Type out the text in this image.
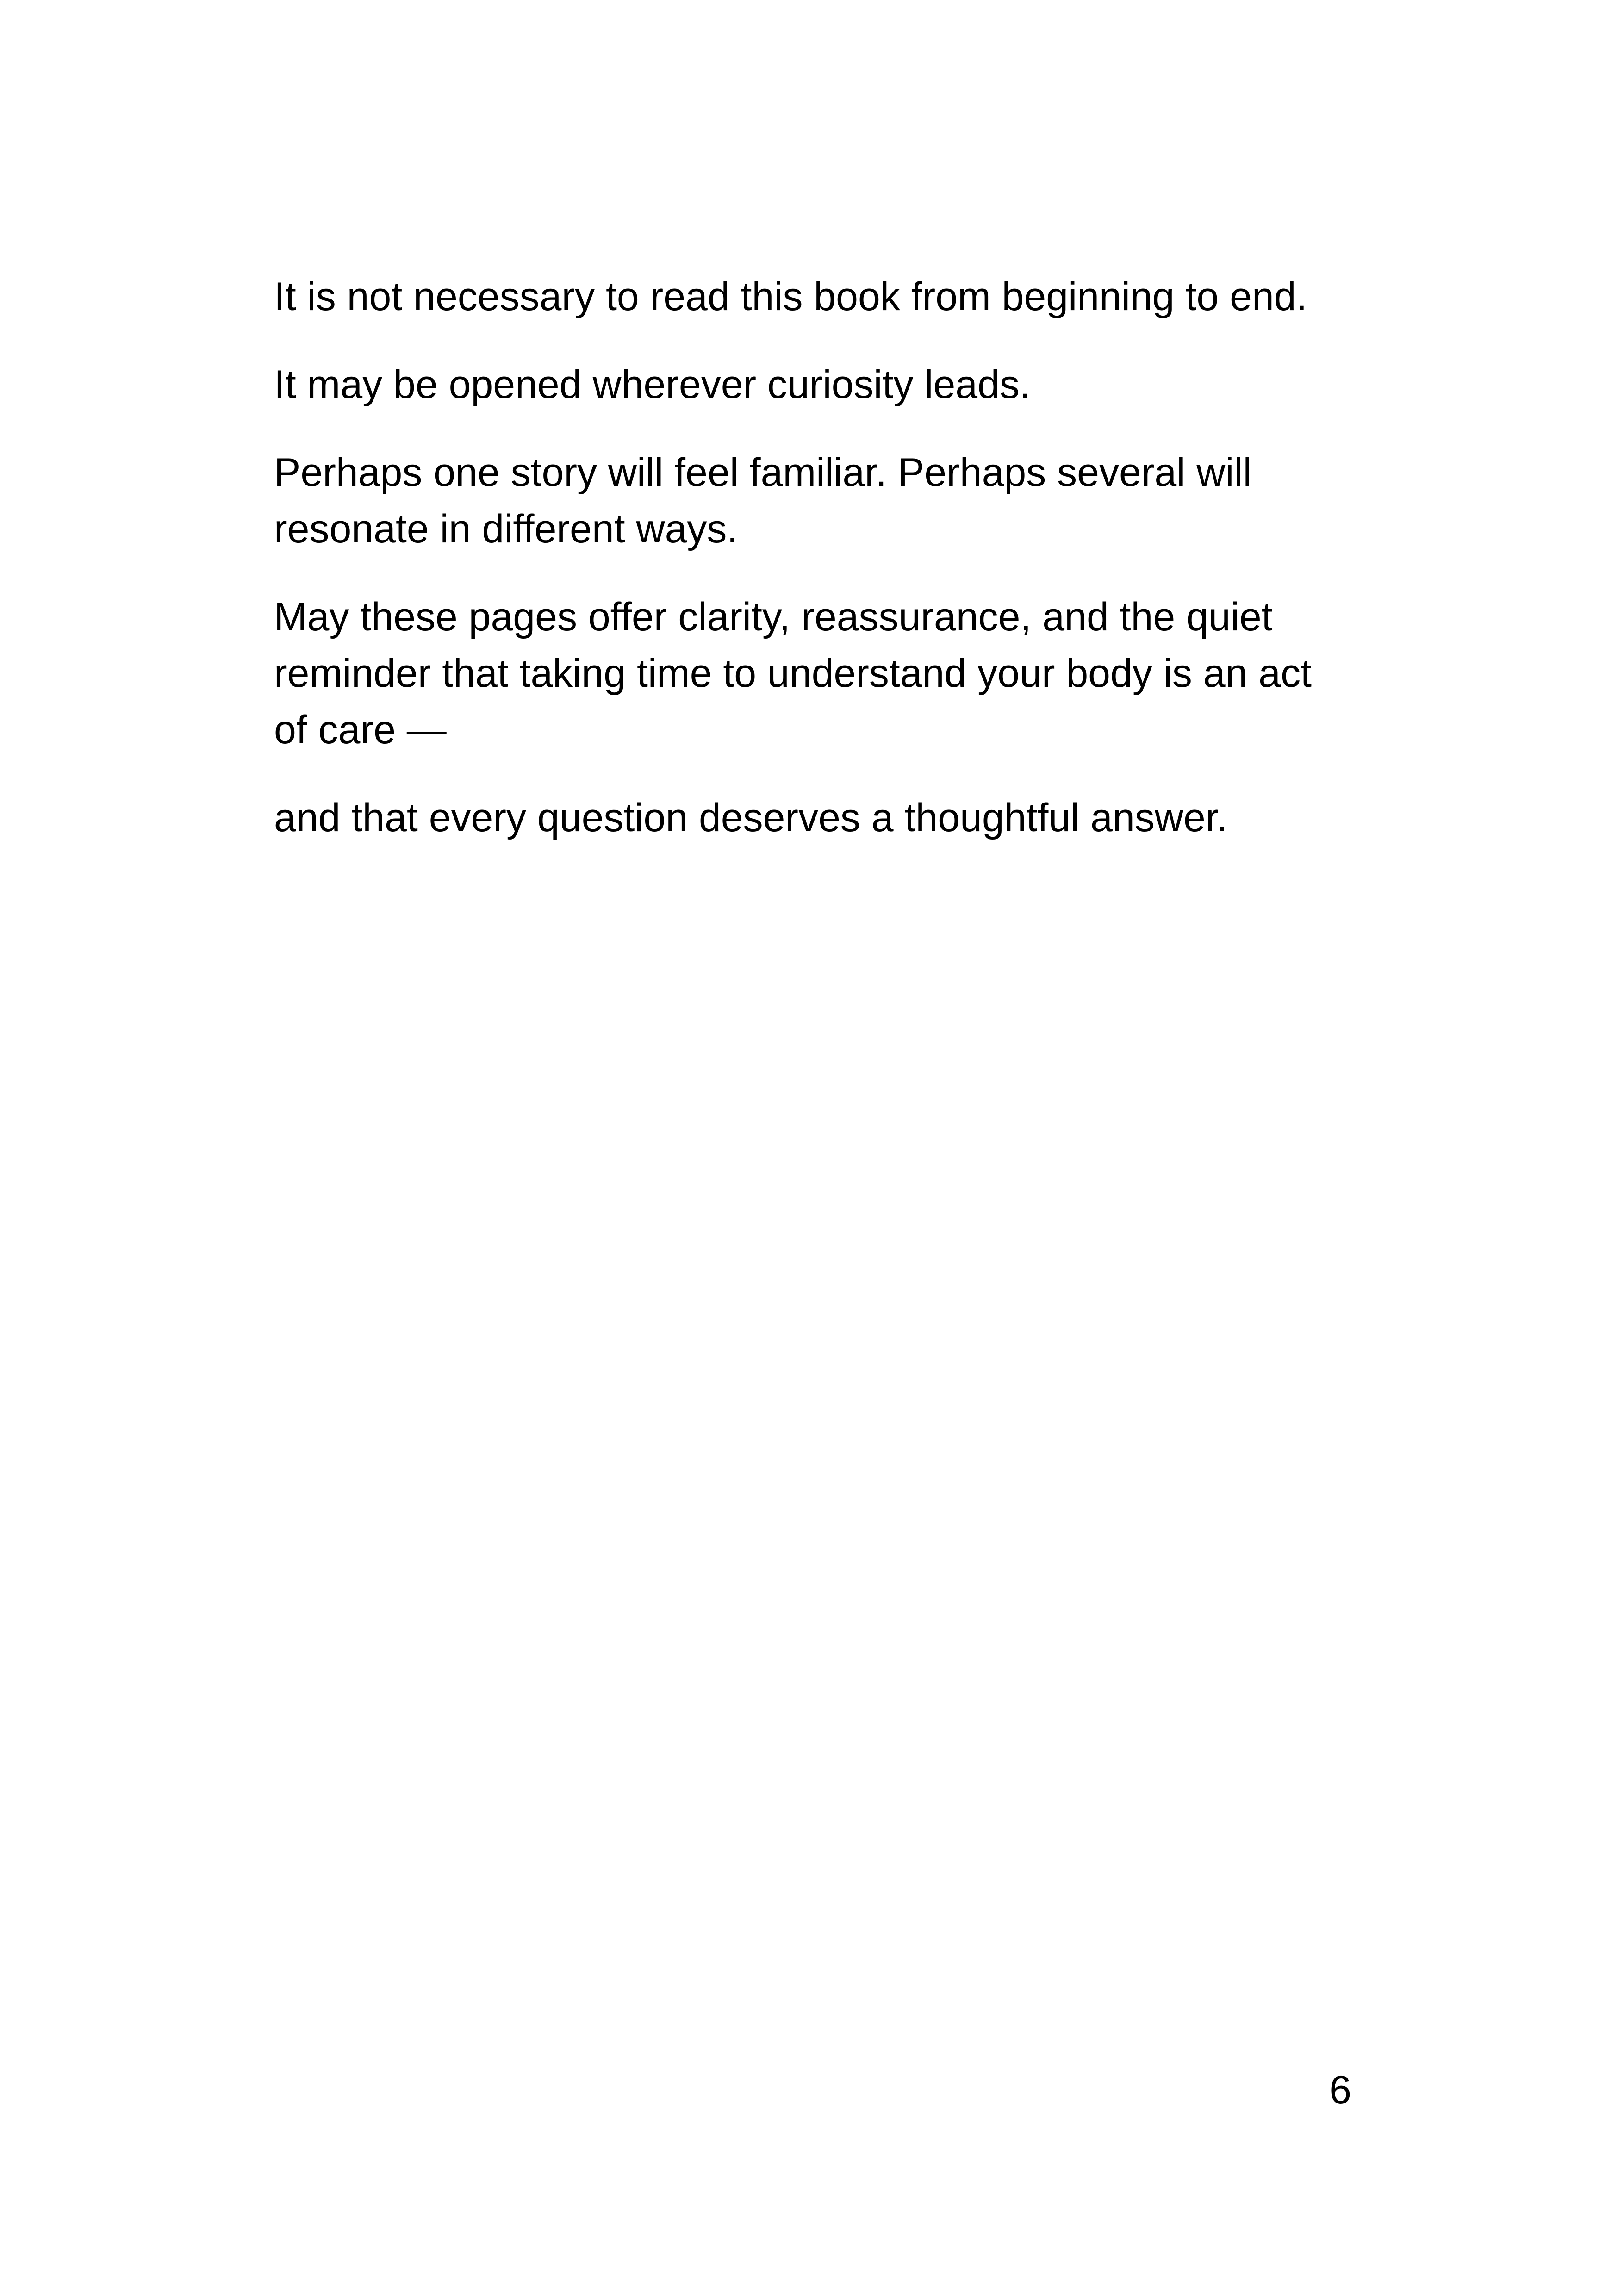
It is not necessary to read this book from beginning to end.

It may be opened wherever curiosity leads.

Perhaps one story will feel familiar. Perhaps several will resonate in different ways.

May these pages offer clarity, reassurance, and the quiet reminder that taking time to understand your body is an act of care —

and that every question deserves a thoughtful answer.

6
